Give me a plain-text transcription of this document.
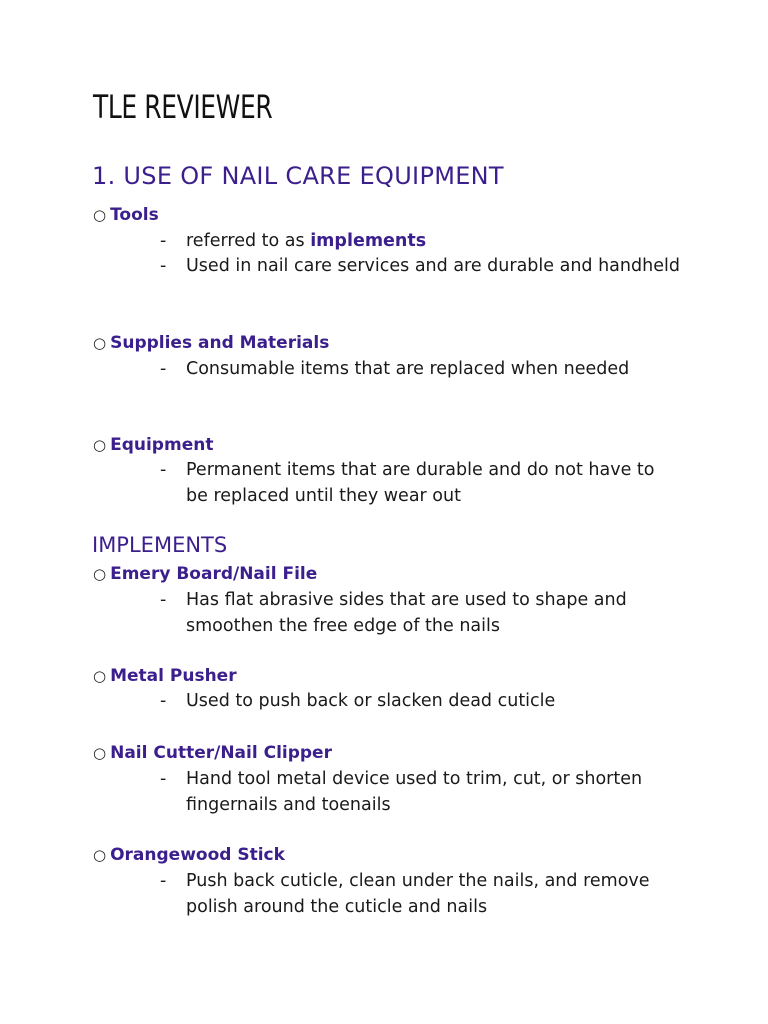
TLE REVIEWER
1. USE OF NAIL CARE EQUIPMENT
○ Tools
-	referred to as implements
-	Used in nail care services and are durable and handheld
○ Supplies and Materials
-	Consumable items that are replaced when needed
○ Equipment
-	Permanent items that are durable and do not have to be replaced until they wear out
IMPLEMENTS
○ Emery Board/Nail File
-	Has flat abrasive sides that are used to shape and smoothen the free edge of the nails
○ Metal Pusher
-	Used to push back or slacken dead cuticle
○ Nail Cutter/Nail Clipper
-	Hand tool metal device used to trim, cut, or shorten fingernails and toenails
○ Orangewood Stick
-	Push back cuticle, clean under the nails, and remove polish around the cuticle and nails
